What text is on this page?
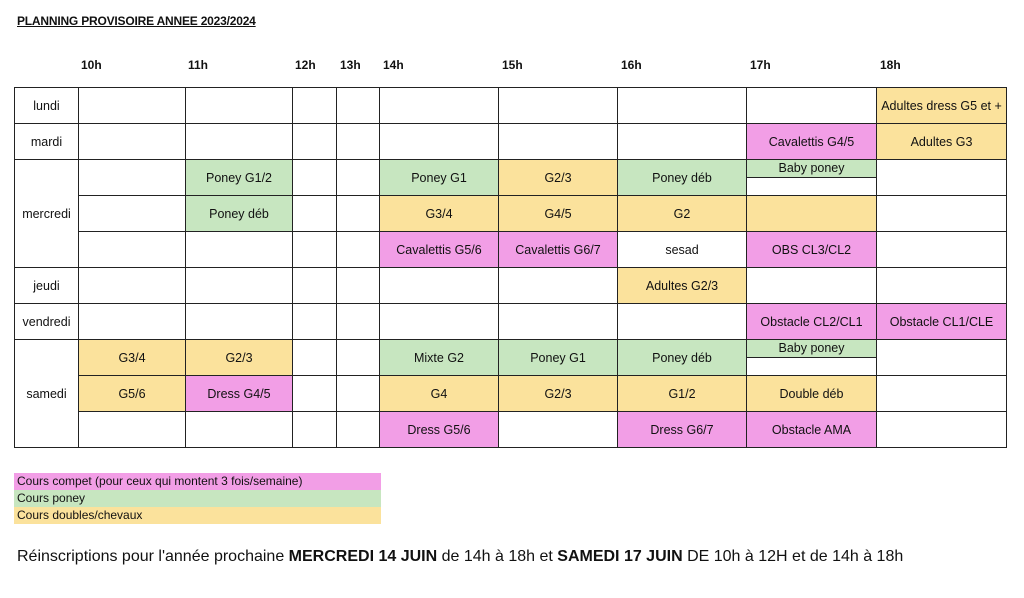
PLANNING PROVISOIRE ANNEE 2023/2024
10h	11h	12h 13h 14h	15h	16h	17h	18h
lundi									Adultes dress G5 et +
mardi								Cavalettis G4/5	Adultes G3
mercredi		Poney G1/2			Poney G1	G2/3	Poney déb	Baby poney	

		Poney déb			G3/4	G4/5	G2		
					Cavalettis G5/6	Cavalettis G6/7	sesad	OBS CL3/CL2	
jeudi							Adultes G2/3		
vendredi								Obstacle CL2/CL1	Obstacle CL1/CLE
samedi	G3/4	G2/3			Mixte G2	Poney G1	Poney déb	Baby poney	

	G5/6	Dress G4/5			G4	G2/3	G1/2	Double déb	
					Dress G5/6		Dress G6/7	Obstacle AMA	
Cours compet (pour ceux qui montent 3 fois/semaine)
Cours poney
Cours doubles/chevaux
Réinscriptions pour l'année prochaine MERCREDI 14 JUIN de 14h à 18h et SAMEDI 17 JUIN DE 10h à 12H et de 14h à 18h
